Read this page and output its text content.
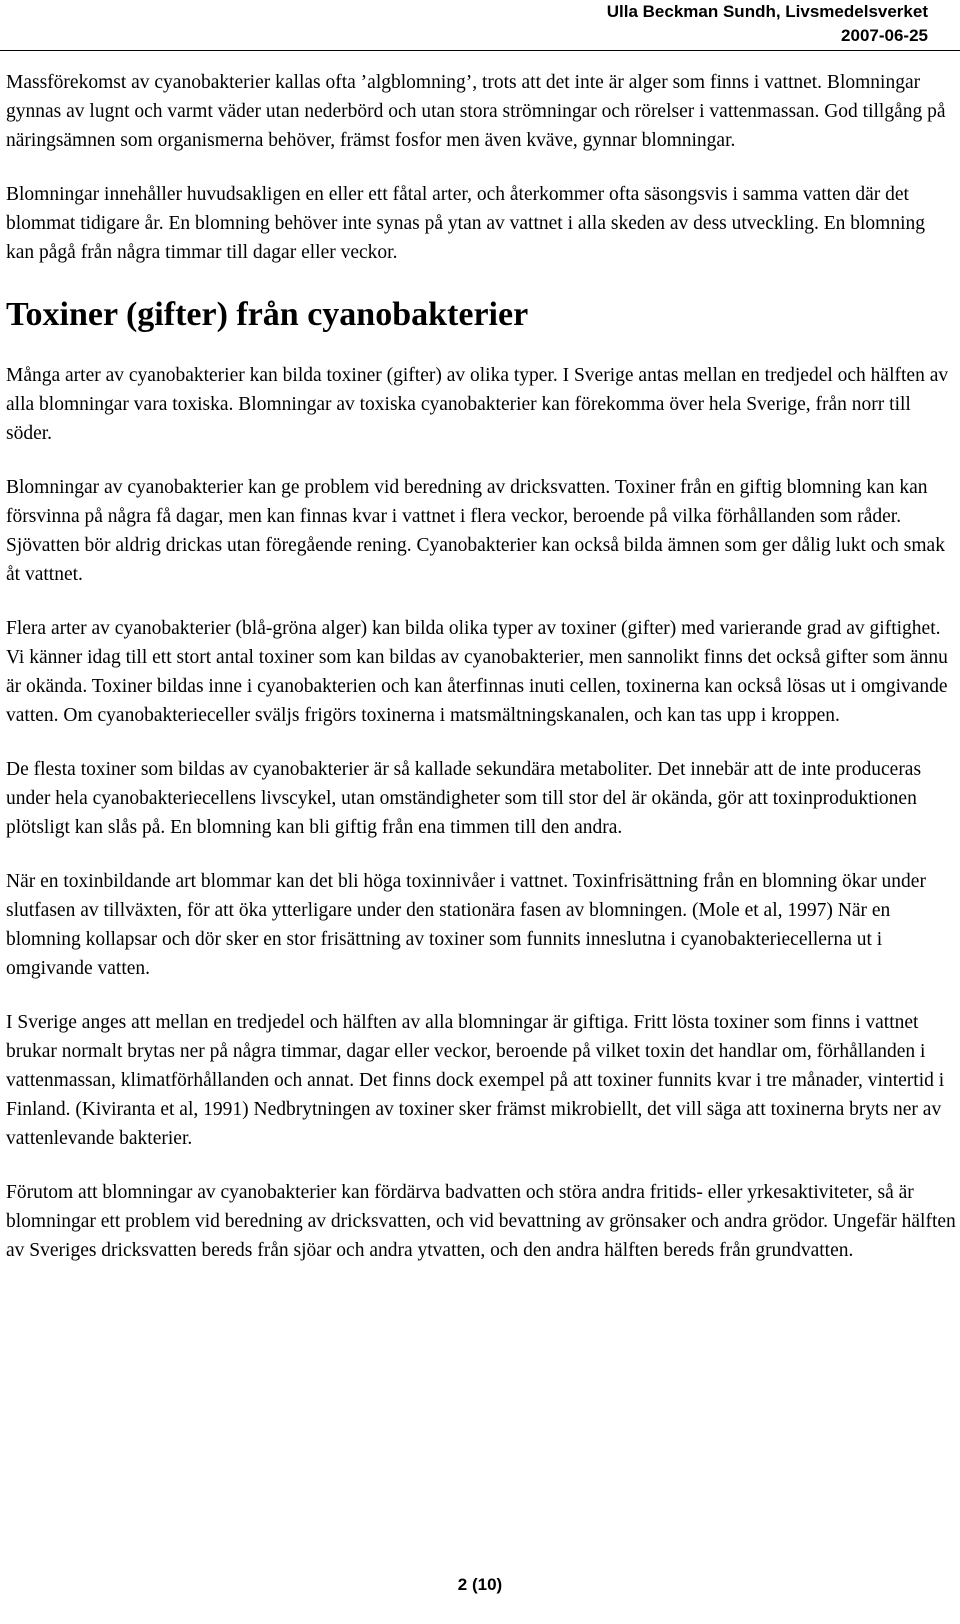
Ulla Beckman Sundh, Livsmedelsverket
2007-06-25

Massförekomst av cyanobakterier kallas ofta ’algblomning’, trots att det inte är alger som finns i vattnet. Blomningar gynnas av lugnt och varmt väder utan nederbörd och utan stora strömningar och rörelser i vattenmassan. God tillgång på näringsämnen som organismerna behöver, främst fosfor men även kväve, gynnar blomningar.

Blomningar innehåller huvudsakligen en eller ett fåtal arter, och återkommer ofta säsongsvis i samma vatten där det blommat tidigare år. En blomning behöver inte synas på ytan av vattnet i alla skeden av dess utveckling. En blomning kan pågå från några timmar till dagar eller veckor.

Toxiner (gifter) från cyanobakterier

Många arter av cyanobakterier kan bilda toxiner (gifter) av olika typer. I Sverige antas mellan en tredjedel och hälften av alla blomningar vara toxiska. Blomningar av toxiska cyanobakterier kan förekomma över hela Sverige, från norr till söder.

Blomningar av cyanobakterier kan ge problem vid beredning av dricksvatten. Toxiner från en giftig blomning kan kan försvinna på några få dagar, men kan finnas kvar i vattnet i flera veckor, beroende på vilka förhållanden som råder. Sjövatten bör aldrig drickas utan föregående rening. Cyanobakterier kan också bilda ämnen som ger dålig lukt och smak åt vattnet.

Flera arter av cyanobakterier (blå-gröna alger) kan bilda olika typer av toxiner (gifter) med varierande grad av giftighet. Vi känner idag till ett stort antal toxiner som kan bildas av cyanobakterier, men sannolikt finns det också gifter som ännu är okända. Toxiner bildas inne i cyanobakterien och kan återfinnas inuti cellen, toxinerna kan också lösas ut i omgivande vatten. Om cyanobakterieceller sväljs frigörs toxinerna i matsmältningskanalen, och kan tas upp i kroppen.

De flesta toxiner som bildas av cyanobakterier är så kallade sekundära metaboliter. Det innebär att de inte produceras under hela cyanobakteriecellens livscykel, utan omständigheter som till stor del är okända, gör att toxinproduktionen plötsligt kan slås på. En blomning kan bli giftig från ena timmen till den andra.

När en toxinbildande art blommar kan det bli höga toxinnivåer i vattnet. Toxinfrisättning från en blomning ökar under slutfasen av tillväxten, för att öka ytterligare under den stationära fasen av blomningen. (Mole et al, 1997) När en blomning kollapsar och dör sker en stor frisättning av toxiner som funnits inneslutna i cyanobakteriecellerna ut i omgivande vatten.

I Sverige anges att mellan en tredjedel och hälften av alla blomningar är giftiga. Fritt lösta toxiner som finns i vattnet brukar normalt brytas ner på några timmar, dagar eller veckor, beroende på vilket toxin det handlar om, förhållanden i vattenmassan, klimatförhållanden och annat. Det finns dock exempel på att toxiner funnits kvar i tre månader, vintertid i Finland. (Kiviranta et al, 1991) Nedbrytningen av toxiner sker främst mikrobiellt, det vill säga att toxinerna bryts ner av vattenlevande bakterier.

Förutom att blomningar av cyanobakterier kan fördärva badvatten och störa andra fritids- eller yrkesaktiviteter, så är blomningar ett problem vid beredning av dricksvatten, och vid bevattning av grönsaker och andra grödor. Ungefär hälften av Sveriges dricksvatten bereds från sjöar och andra ytvatten, och den andra hälften bereds från grundvatten.

2 (10)
